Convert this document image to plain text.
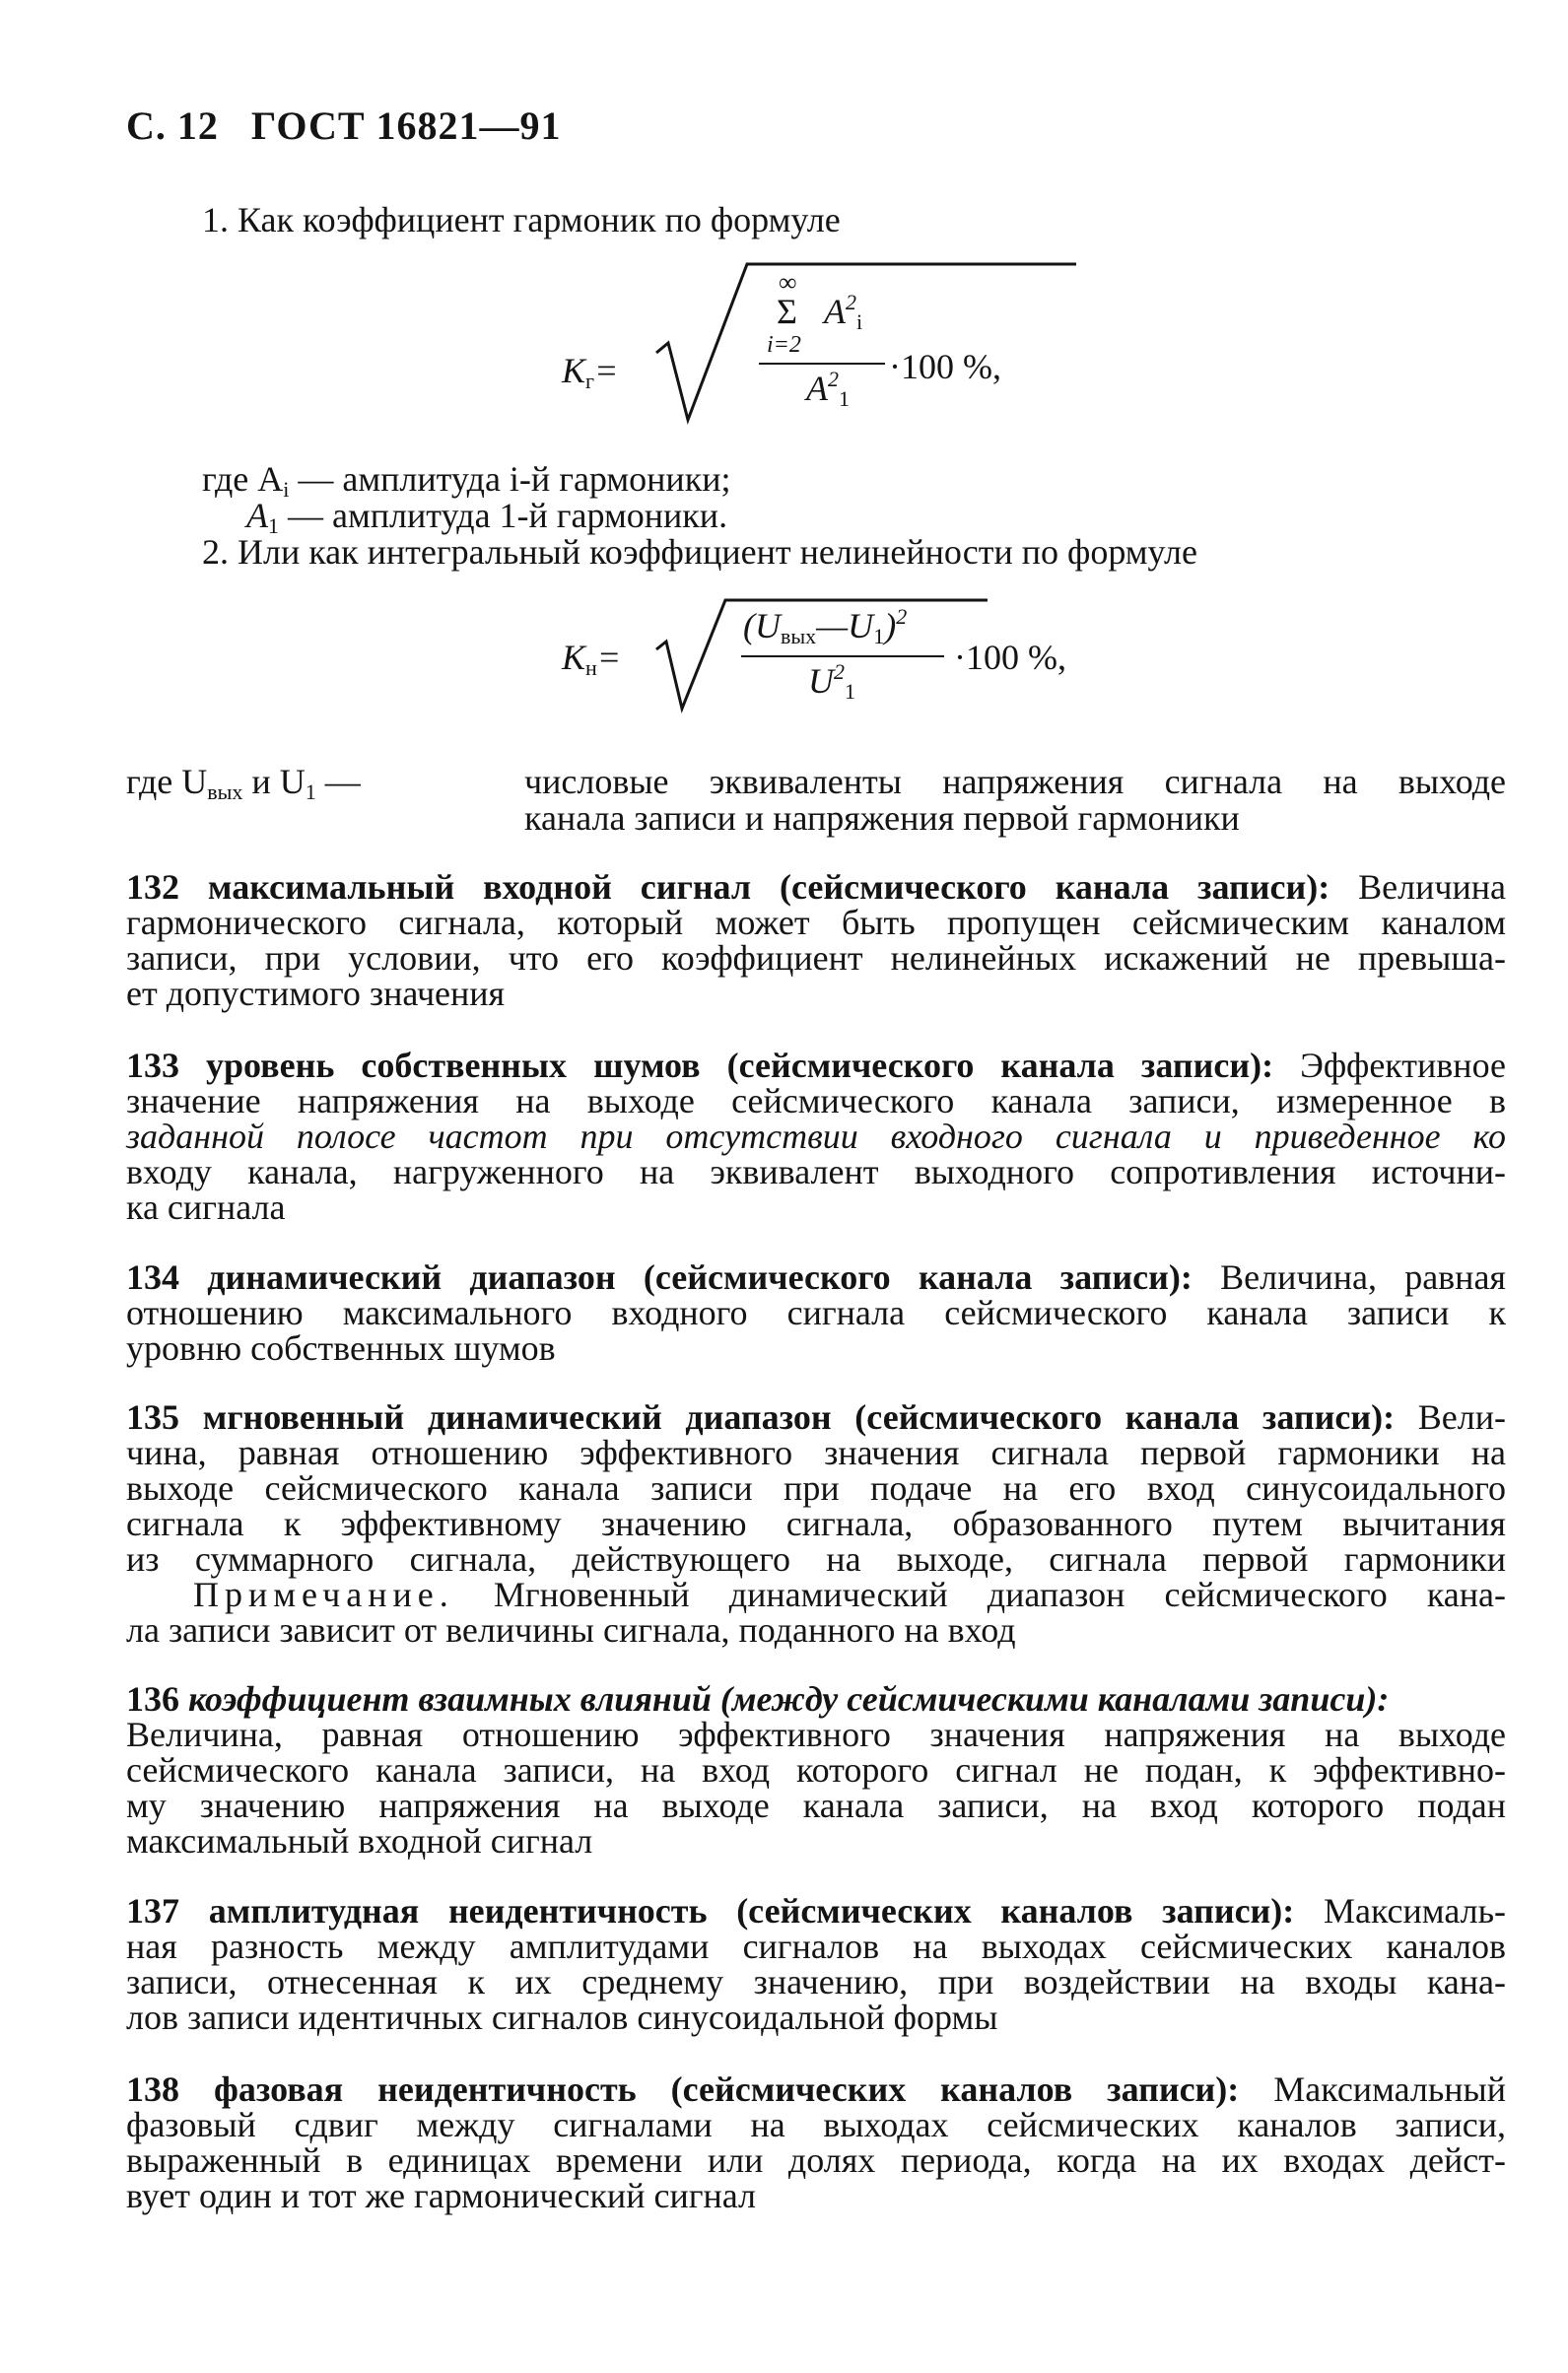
С. 12 ГОСТ 16821—91
1. Как коэффициент гармоник по формуле
$K_г=$
∞
Σ $A^2_i$
i=2
$A^2_1$
·100 %,
где $A_i$ — амплитуда i-й гармоники;
$A_1$ — амплитуда 1-й гармоники.
2. Или как интегральный коэффициент нелинейности по формуле
$K_н=$
$(U_{вых}—U_1)^2$
$U^2_1$
·100 %,
где $U_{вых}$ и $U_1$ —	числовые эквиваленты напряжения сигнала на выходе
канала записи и напряжения первой гармоники
132 максимальный входной сигнал (сейсмического канала записи): Величина
гармонического сигнала, который может быть пропущен сейсмическим каналом
записи, при условии, что его коэффициент нелинейных искажений не превыша-
ет допустимого значения
133 уровень собственных шумов (сейсмического канала записи): Эффективное
значение напряжения на выходе сейсмического канала записи, измеренное в
заданной полосе частот при отсутствии входного сигнала и приведенное ко
входу канала, нагруженного на эквивалент выходного сопротивления источни-
ка сигнала
134 динамический диапазон (сейсмического канала записи): Величина, равная
отношению максимального входного сигнала сейсмического канала записи к
уровню собственных шумов
135 мгновенный динамический диапазон (сейсмического канала записи): Вели-
чина, равная отношению эффективного значения сигнала первой гармоники на
выходе сейсмического канала записи при подаче на его вход синусоидального
сигнала к эффективному значению сигнала, образованного путем вычитания
из суммарного сигнала, действующего на выходе, сигнала первой гармоники
Примечание. Мгновенный динамический диапазон сейсмического кана-
ла записи зависит от величины сигнала, поданного на вход
136 коэффициент взаимных влияний (между сейсмическими каналами записи):
Величина, равная отношению эффективного значения напряжения на выходе
сейсмического канала записи, на вход которого сигнал не подан, к эффективно-
му значению напряжения на выходе канала записи, на вход которого подан
максимальный входной сигнал
137 амплитудная неидентичность (сейсмических каналов записи): Максималь-
ная разность между амплитудами сигналов на выходах сейсмических каналов
записи, отнесенная к их среднему значению, при воздействии на входы кана-
лов записи идентичных сигналов синусоидальной формы
138 фазовая неидентичность (сейсмических каналов записи): Максимальный
фазовый сдвиг между сигналами на выходах сейсмических каналов записи,
выраженный в единицах времени или долях периода, когда на их входах дейст-
вует один и тот же гармонический сигнал
